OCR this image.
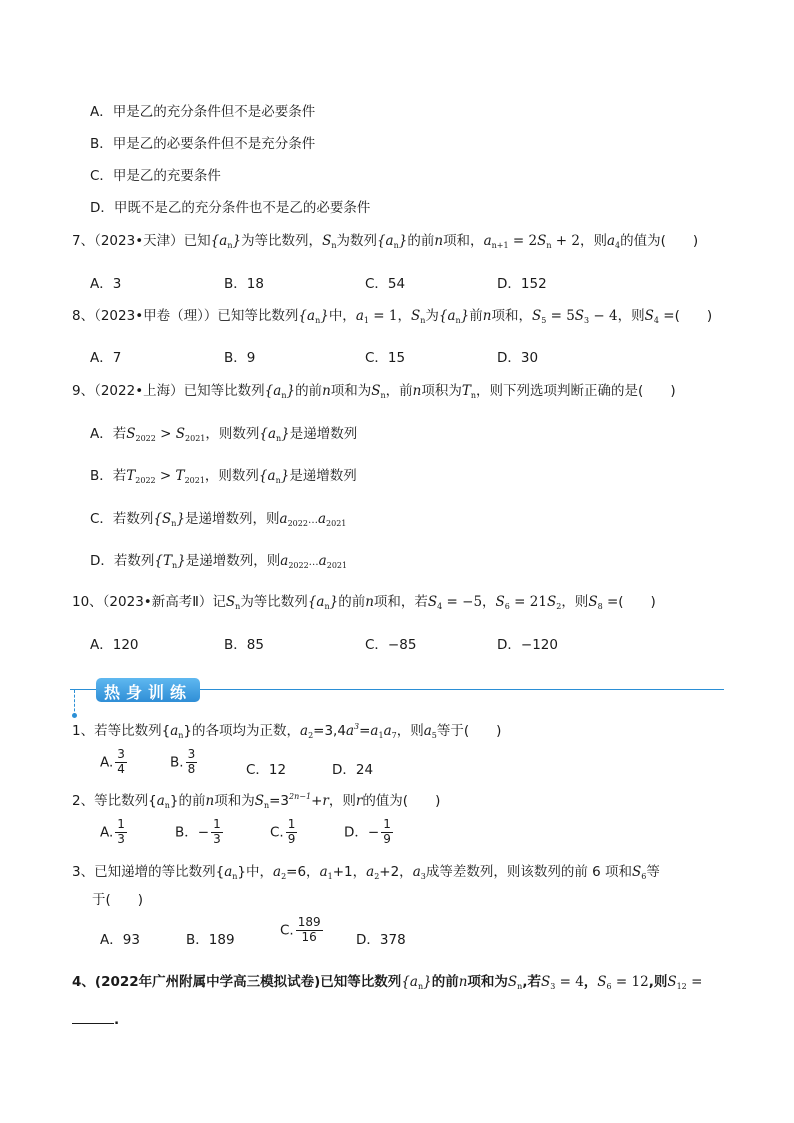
A．甲是乙的充分条件但不是必要条件
B．甲是乙的必要条件但不是充分条件
C．甲是乙的充要条件
D．甲既不是乙的充分条件也不是乙的必要条件
7、（2023•天津）已知$\{a_n\}$为等比数列，$S_n$为数列$\{a_n\}$的前n项和，$a_{n+1} = 2S_n + 2$，则$a_4$的值为(　　)
A．3	B．18	C．54	D．152
8、（2023•甲卷（理））已知等比数列$\{a_n\}$中，$a_1 = 1$，$S_n$为$\{a_n\}$前n项和，$S_5 = 5S_3 - 4$，则$S_4$ =(　　)
A．7	B．9	C．15	D．30
9、（2022•上海）已知等比数列$\{a_n\}$的前n项和为$S_n$，前n项积为$T_n$，则下列选项判断正确的是(　　)
A．若$S_{2022} > S_{2021}$，则数列$\{a_n\}$是递增数列
B．若$T_{2022} > T_{2021}$，则数列$\{a_n\}$是递增数列
C．若数列$\{S_n\}$是递增数列，则$a_{2022}\dots a_{2021}$
D．若数列$\{T_n\}$是递增数列，则$a_{2022}\dots a_{2021}$
10、（2023•新高考Ⅱ）记$S_n$为等比数列$\{a_n\}$的前n项和，若$S_4 = -5$，$S_6 = 21S_2$，则$S_8$ =(　　)
A．120	B．85	C．−85	D．−120
热身训练
1、若等比数列$\{a_n\}$的各项均为正数，$a_2=3,4a^3=a_1a_7$，则$a_5$等于(　　)
A. $\frac{3}{4}$	B. $\frac{3}{8}$	C．12	D．24
2、等比数列$\{a_n\}$的前n项和为$S_n=3^{2n-1}+r$，则r的值为(　　)
A. $\frac{1}{3}$	B．− $\frac{1}{3}$	C. $\frac{1}{9}$	D．− $\frac{1}{9}$
3、已知递增的等比数列$\{a_n\}$中，$a_2=6$，$a_1+1$，$a_2+2$，$a_3$成等差数列，则该数列的前 6 项和$S_6$等
于(　　)
A．93	B．189
C. $\frac{189}{16}$ D．378
4、(2022年广州附属中学高三模拟试卷)已知等比数列$\{a_n\}$的前n项和为$S_n$,若$S_3 = 4$，$S_6 = 12$,则$S_{12}$ =
.
